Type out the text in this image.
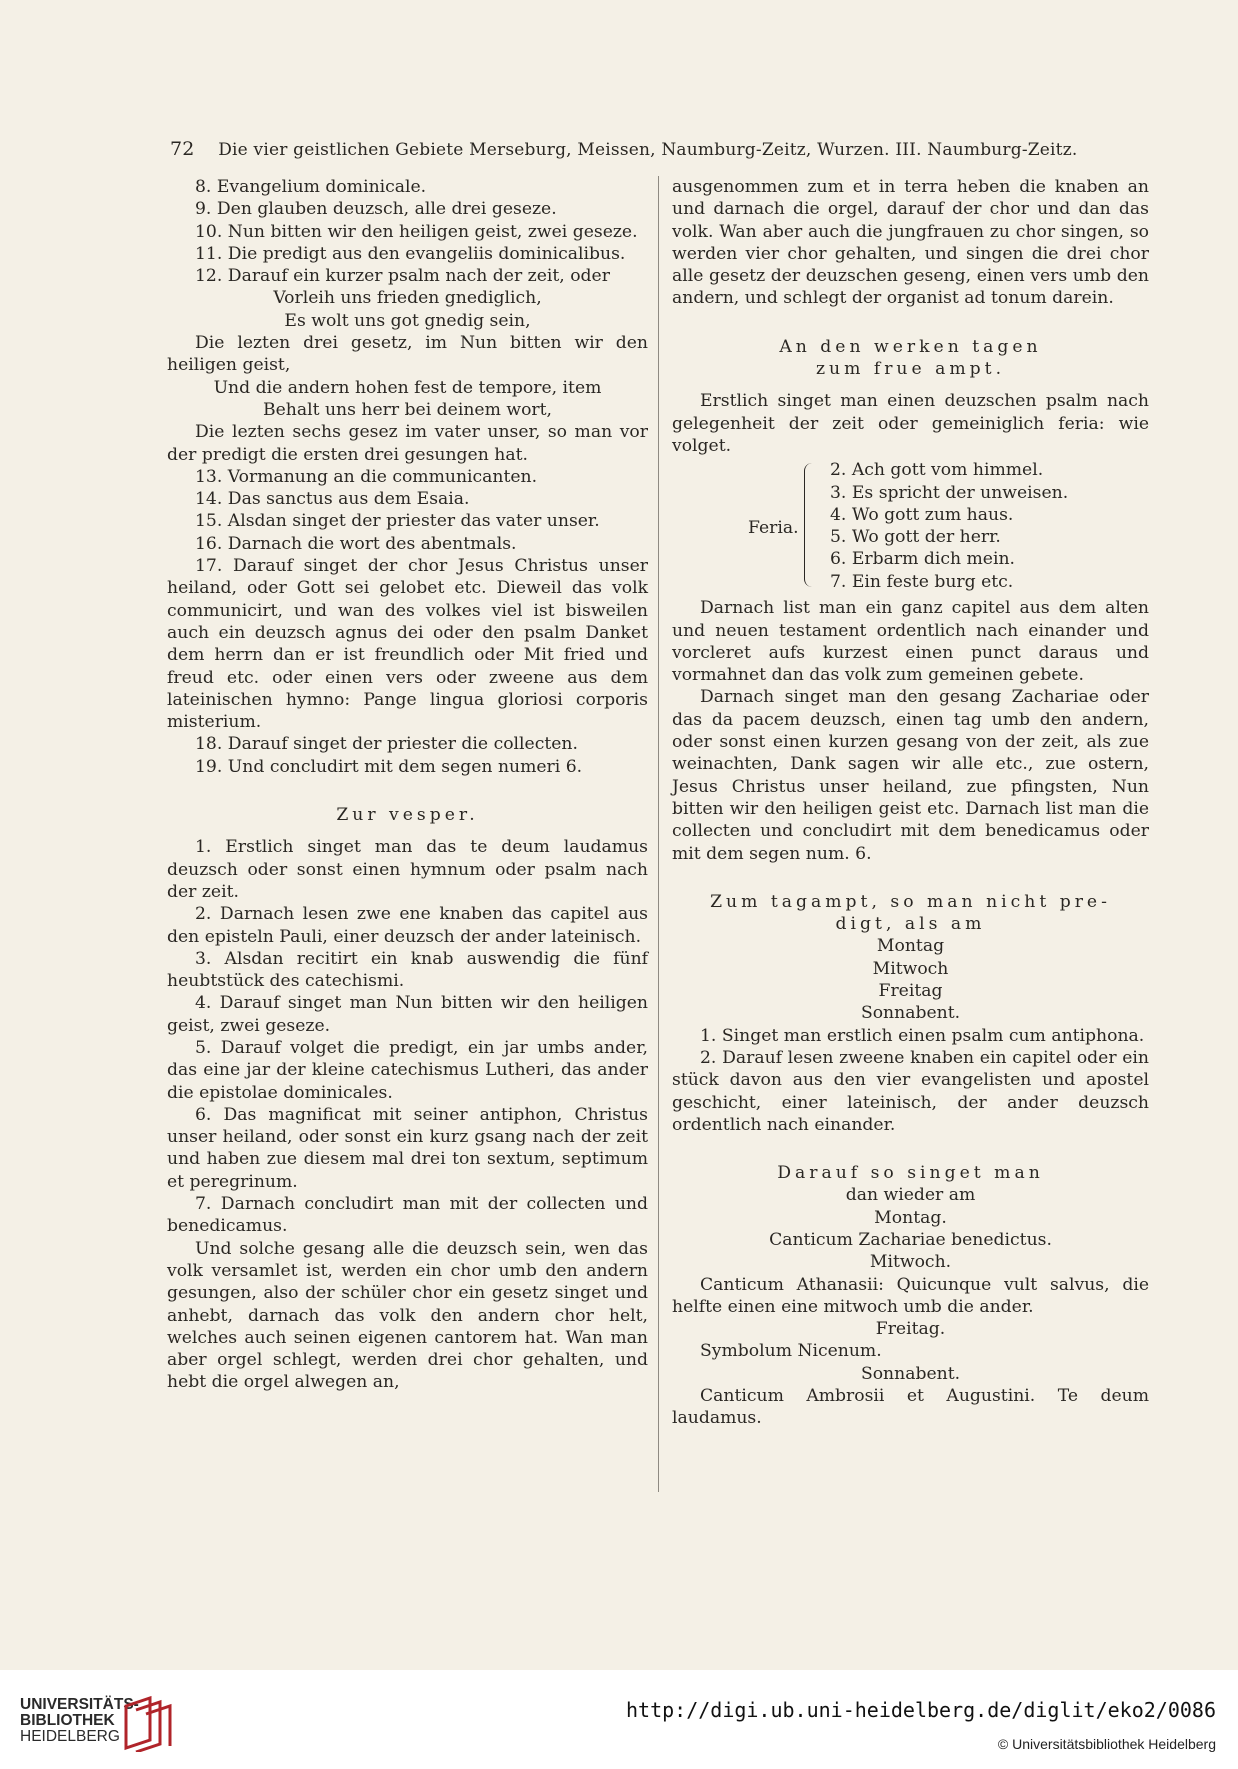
72 Die vier geistlichen Gebiete Merseburg, Meissen, Naumburg-Zeitz, Wurzen. III. Naumburg-Zeitz.

8. Evangelium dominicale.

9. Den glauben deuzsch, alle drei geseze.

10. Nun bitten wir den heiligen geist, zwei geseze.

11. Die predigt aus den evangeliis dominicalibus.

12. Darauf ein kurzer psalm nach der zeit, oder

Vorleih uns frieden gnediglich,

Es wolt uns got gnedig sein,

Die lezten drei gesetz, im Nun bitten wir den heiligen geist,

Und die andern hohen fest de tempore, item

Behalt uns herr bei deinem wort,

Die lezten sechs gesez im vater unser, so man vor der predigt die ersten drei gesungen hat.

13. Vormanung an die communicanten.

14. Das sanctus aus dem Esaia.

15. Alsdan singet der priester das vater unser.

16. Darnach die wort des abentmals.

17. Darauf singet der chor Jesus Christus unser heiland, oder Gott sei gelobet etc. Dieweil das volk communicirt, und wan des volkes viel ist bisweilen auch ein deuzsch agnus dei oder den psalm Danket dem herrn dan er ist freundlich oder Mit fried und freud etc. oder einen vers oder zweene aus dem lateinischen hymno: Pange lingua gloriosi corporis misterium.

18. Darauf singet der priester die collecten.

19. Und concludirt mit dem segen numeri 6.

Zur vesper.

1. Erstlich singet man das te deum laudamus deuzsch oder sonst einen hymnum oder psalm nach der zeit.

2. Darnach lesen zwe ene knaben das capitel aus den episteln Pauli, einer deuzsch der ander lateinisch.

3. Alsdan recitirt ein knab auswendig die fünf heubtstück des catechismi.

4. Darauf singet man Nun bitten wir den heiligen geist, zwei geseze.

5. Darauf volget die predigt, ein jar umbs ander, das eine jar der kleine catechismus Lutheri, das ander die epistolae dominicales.

6. Das magnificat mit seiner antiphon, Christus unser heiland, oder sonst ein kurz gsang nach der zeit und haben zue diesem mal drei ton sextum, septimum et peregrinum.

7. Darnach concludirt man mit der collecten und benedicamus.

Und solche gesang alle die deuzsch sein, wen das volk versamlet ist, werden ein chor umb den andern gesungen, also der schüler chor ein gesetz singet und anhebt, darnach das volk den andern chor helt, welches auch seinen eigenen cantorem hat. Wan man aber orgel schlegt, werden drei chor gehalten, und hebt die orgel alwegen an,

ausgenommen zum et in terra heben die knaben an und darnach die orgel, darauf der chor und dan das volk. Wan aber auch die jungfrauen zu chor singen, so werden vier chor gehalten, und singen die drei chor alle gesetz der deuzschen geseng, einen vers umb den andern, und schlegt der organist ad tonum darein.

An den werken tagen

zum frue ampt.

Erstlich singet man einen deuzschen psalm nach gelegenheit der zeit oder gemeiniglich feria: wie volget.

Feria.
2. Ach gott vom himmel.
3. Es spricht der unweisen.
4. Wo gott zum haus.
5. Wo gott der herr.
6. Erbarm dich mein.
7. Ein feste burg etc.

Darnach list man ein ganz capitel aus dem alten und neuen testament ordentlich nach einander und vorcleret aufs kurzest einen punct daraus und vormahnet dan das volk zum gemeinen gebete.

Darnach singet man den gesang Zachariae oder das da pacem deuzsch, einen tag umb den andern, oder sonst einen kurzen gesang von der zeit, als zue weinachten, Dank sagen wir alle etc., zue ostern, Jesus Christus unser heiland, zue pfingsten, Nun bitten wir den heiligen geist etc. Darnach list man die collecten und concludirt mit dem benedicamus oder mit dem segen num. 6.

Zum tagampt, so man nicht pre-

digt, als am

Montag

Mitwoch

Freitag

Sonnabent.

1. Singet man erstlich einen psalm cum antiphona.

2. Darauf lesen zweene knaben ein capitel oder ein stück davon aus den vier evangelisten und apostel geschicht, einer lateinisch, der ander deuzsch ordentlich nach einander.

Darauf so singet man

dan wieder am

Montag.

Canticum Zachariae benedictus.

Mitwoch.

Canticum Athanasii: Quicunque vult salvus, die helfte einen eine mitwoch umb die ander.

Freitag.

Symbolum Nicenum.

Sonnabent.

Canticum Ambrosii et Augustini. Te deum laudamus.

UNIVERSITÄTS-
BIBLIOTHEK
HEIDELBERG
http://digi.ub.uni-heidelberg.de/diglit/eko2/0086
© Universitätsbibliothek Heidelberg
